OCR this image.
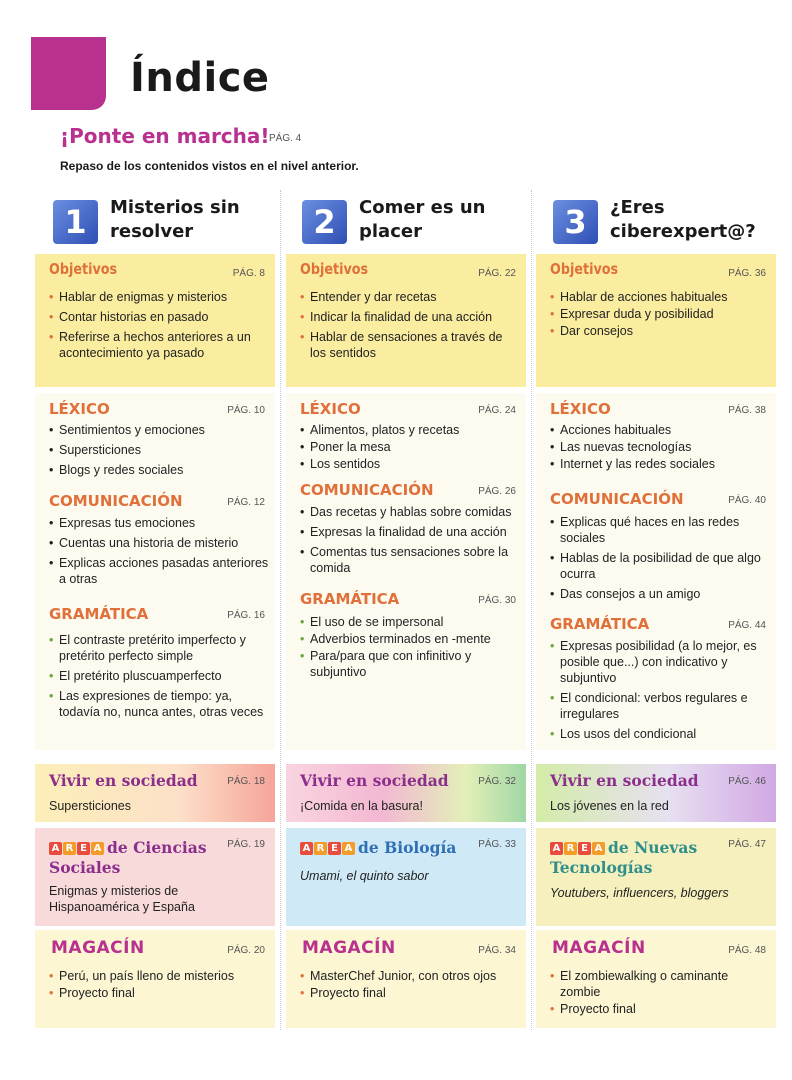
Índice
¡Ponte en marcha! PÁG. 4
Repaso de los contenidos vistos en el nivel anterior.
1	Misterios sin resolver
Objetivos	PÁG. 8
• Hablar de enigmas y misterios
• Contar historias en pasado
• Referirse a hechos anteriores a un acontecimiento ya pasado
LÉXICO	PÁG. 10
• Sentimientos y emociones
• Supersticiones
• Blogs y redes sociales
COMUNICACIÓN	PÁG. 12
• Expresas tus emociones
• Cuentas una historia de misterio
• Explicas acciones pasadas anteriores a otras
GRAMÁTICA	PÁG. 16
• El contraste pretérito imperfecto y pretérito perfecto simple
• El pretérito pluscuamperfecto
• Las expresiones de tiempo: ya, todavía no, nunca antes, otras veces
Vivir en sociedad	PÁG. 18
Supersticiones
A R E A de Ciencias Sociales
PÁG. 19
Enigmas y misterios de Hispanoamérica y España
MAGACÍN	PÁG. 20
• Perú, un país lleno de misterios
• Proyecto final
2	Comer es un placer
Objetivos	PÁG. 22
• Entender y dar recetas
• Indicar la finalidad de una acción
• Hablar de sensaciones a través de los sentidos
LÉXICO	PÁG. 24
• Alimentos, platos y recetas
• Poner la mesa
• Los sentidos
COMUNICACIÓN	PÁG. 26
• Das recetas y hablas sobre comidas
• Expresas la finalidad de una acción
• Comentas tus sensaciones sobre la comida
GRAMÁTICA	PÁG. 30
• El uso de se impersonal
• Adverbios terminados en -mente
• Para/para que con infinitivo y subjuntivo
Vivir en sociedad	PÁG. 32
¡Comida en la basura!
A R E A de Biología	PÁG. 33
Umami, el quinto sabor
MAGACÍN	PÁG. 34
• MasterChef Junior, con otros ojos
• Proyecto final
3	¿Eres ciberexpert@?
Objetivos	PÁG. 36
• Hablar de acciones habituales
• Expresar duda y posibilidad
• Dar consejos
LÉXICO	PÁG. 38
• Acciones habituales
• Las nuevas tecnologías
• Internet y las redes sociales
COMUNICACIÓN	PÁG. 40
• Explicas qué haces en las redes sociales
• Hablas de la posibilidad de que algo ocurra
• Das consejos a un amigo
GRAMÁTICA	PÁG. 44
• Expresas posibilidad (a lo mejor, es posible que...) con indicativo y subjuntivo
• El condicional: verbos regulares e irregulares
• Los usos del condicional
Vivir en sociedad	PÁG. 46
Los jóvenes en la red
A R E A de Nuevas Tecnologías
PÁG. 47
Youtubers, influencers, bloggers
MAGACÍN	PÁG. 48
• El zombiewalking o caminante zombie
• Proyecto final
